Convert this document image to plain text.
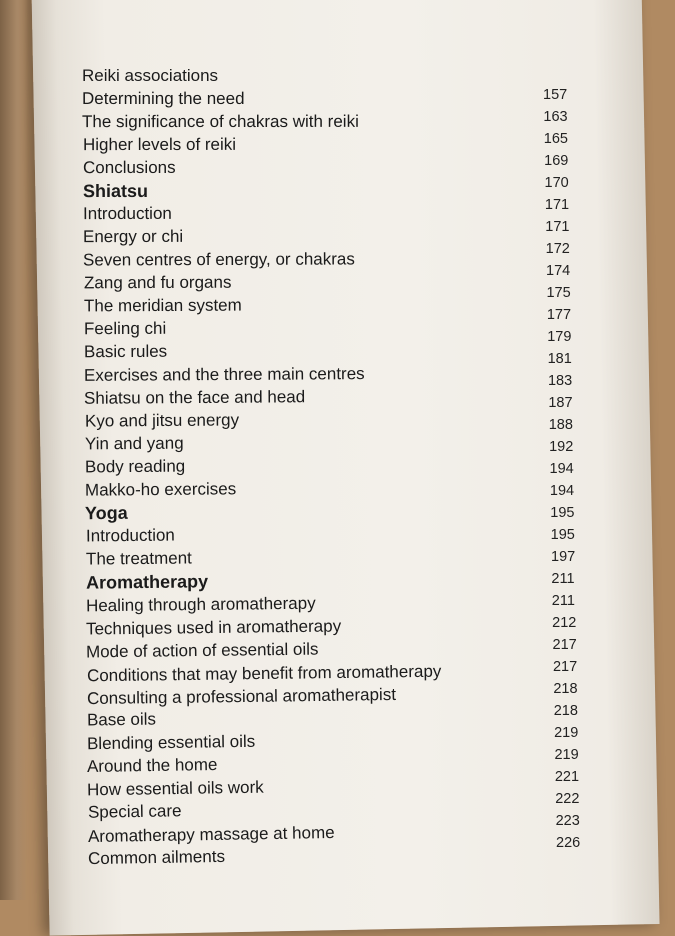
Reiki associations
Determining the need
The significance of chakras with reiki
Higher levels of reiki
Conclusions
Shiatsu
Introduction
Energy or chi
Seven centres of energy, or chakras
Zang and fu organs
The meridian system
Feeling chi
Basic rules
Exercises and the three main centres
Shiatsu on the face and head
Kyo and jitsu energy
Yin and yang
Body reading
Makko-ho exercises
Yoga
Introduction
The treatment
Aromatherapy
Healing through aromatherapy
Techniques used in aromatherapy
Mode of action of essential oils
Conditions that may benefit from aromatherapy
Consulting a professional aromatherapist
Base oils
Blending essential oils
Around the home
How essential oils work
Special care
Aromatherapy massage at home
Common ailments
157
163
165
169
170
171
171
172
174
175
177
179
181
183
187
188
192
194
194
195
195
197
211
211
212
217
217
218
218
219
219
221
222
223
226
